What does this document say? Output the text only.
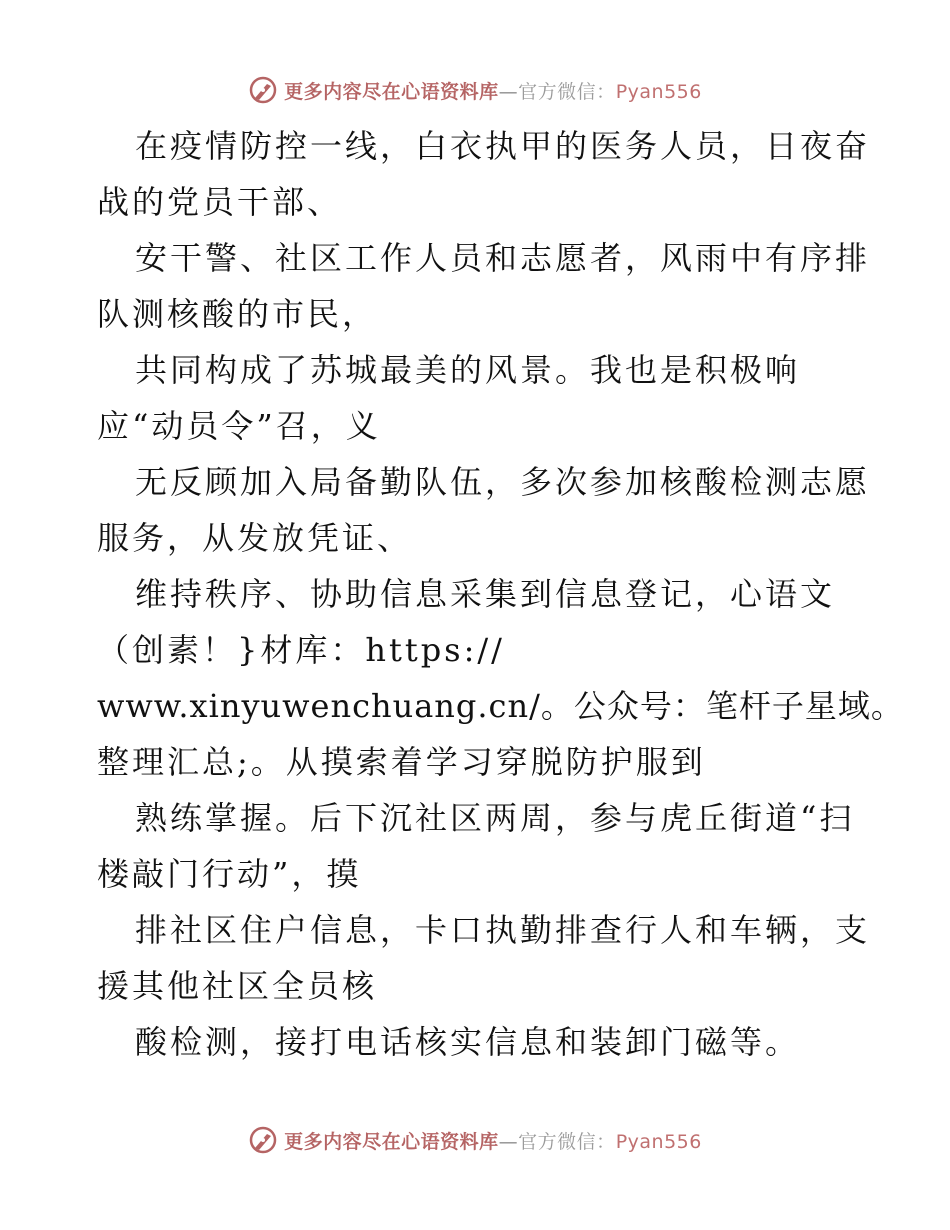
更多内容尽在心语资料库—官方微信：Pyan556
在疫情防控一线，白衣执甲的医务人员，日夜奋
战的党员干部、
安干警、社区工作人员和志愿者，风雨中有序排
队测核酸的市民，
共同构成了苏城最美的风景。我也是积极响
应“动员令”召，义
无反顾加入局备勤队伍，多次参加核酸检测志愿
服务，从发放凭证、
维持秩序、协助信息采集到信息登记，心语文
（创素！}材库：https://
www.xinyuwenchuang.cn/。公众号：笔杆子星域。
整理汇总;。从摸索着学习穿脱防护服到
熟练掌握。后下沉社区两周，参与虎丘街道“扫
楼敲门行动”，摸
排社区住户信息，卡口执勤排查行人和车辆，支
援其他社区全员核
酸检测，接打电话核实信息和装卸门磁等。
更多内容尽在心语资料库—官方微信：Pyan556
